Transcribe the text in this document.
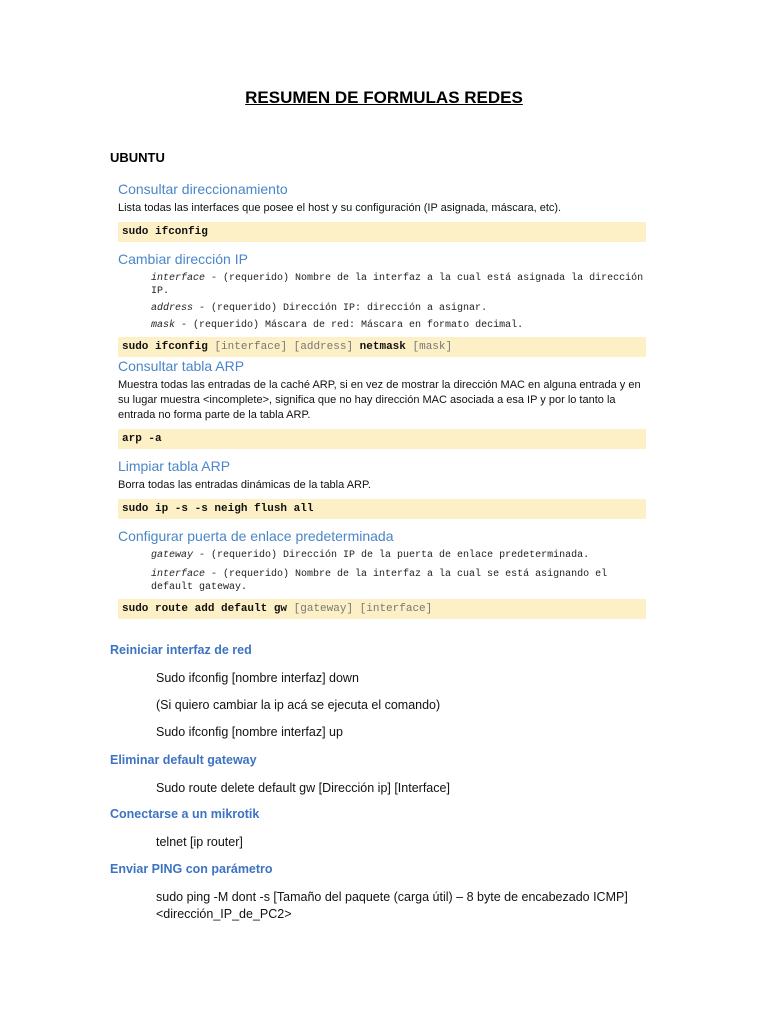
RESUMEN DE FORMULAS REDES
UBUNTU

Consultar direccionamiento

Lista todas las interfaces que posee el host y su configuración (IP asignada, máscara, etc).

sudo ifconfig

Cambiar dirección IP

interface - (requerido) Nombre de la interfaz a la cual está asignada la dirección IP.

address - (requerido) Dirección IP: dirección a asignar.

mask - (requerido) Máscara de red: Máscara en formato decimal.

sudo ifconfig [interface] [address] netmask [mask]

Consultar tabla ARP

Muestra todas las entradas de la caché ARP, si en vez de mostrar la dirección MAC en alguna entrada y en su lugar muestra <incomplete>, significa que no hay dirección MAC asociada a esa IP y por lo tanto la entrada no forma parte de la tabla ARP.

arp -a

Limpiar tabla ARP

Borra todas las entradas dinámicas de la tabla ARP.

sudo ip -s -s neigh flush all

Configurar puerta de enlace predeterminada

gateway - (requerido) Dirección IP de la puerta de enlace predeterminada.

interface - (requerido) Nombre de la interfaz a la cual se está asignando el default gateway.

sudo route add default gw [gateway] [interface]
Reiniciar interfaz de red
Sudo ifconfig [nombre interfaz] down
(Si quiero cambiar la ip acá se ejecuta el comando)
Sudo ifconfig [nombre interfaz] up
Eliminar default gateway
Sudo route delete default gw [Dirección ip] [Interface]
Conectarse a un mikrotik
telnet [ip router]
Enviar PING con parámetro
sudo ping -M dont -s [Tamaño del paquete (carga útil) – 8 byte de encabezado ICMP]
<dirección_IP_de_PC2>
